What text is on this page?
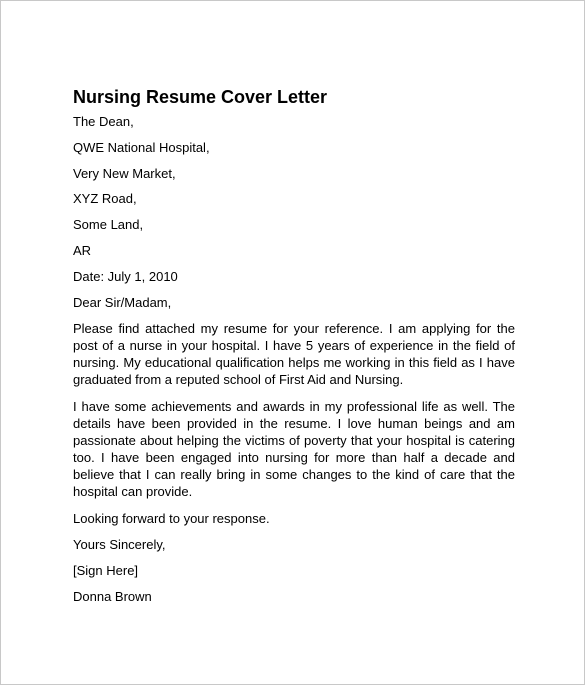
Nursing Resume Cover Letter
The Dean,
QWE National Hospital,
Very New Market,
XYZ Road,
Some Land,
AR
Date: July 1, 2010
Dear Sir/Madam,
Please find attached my resume for your reference. I am applying for the post of a nurse in your hospital. I have 5 years of experience in the field of nursing. My educational qualification helps me working in this field as I have graduated from a reputed school of First Aid and Nursing.
I have some achievements and awards in my professional life as well. The details have been provided in the resume. I love human beings and am passionate about helping the victims of poverty that your hospital is catering too. I have been engaged into nursing for more than half a decade and believe that I can really bring in some changes to the kind of care that the hospital can provide.
Looking forward to your response.
Yours Sincerely,
[Sign Here]
Donna Brown
